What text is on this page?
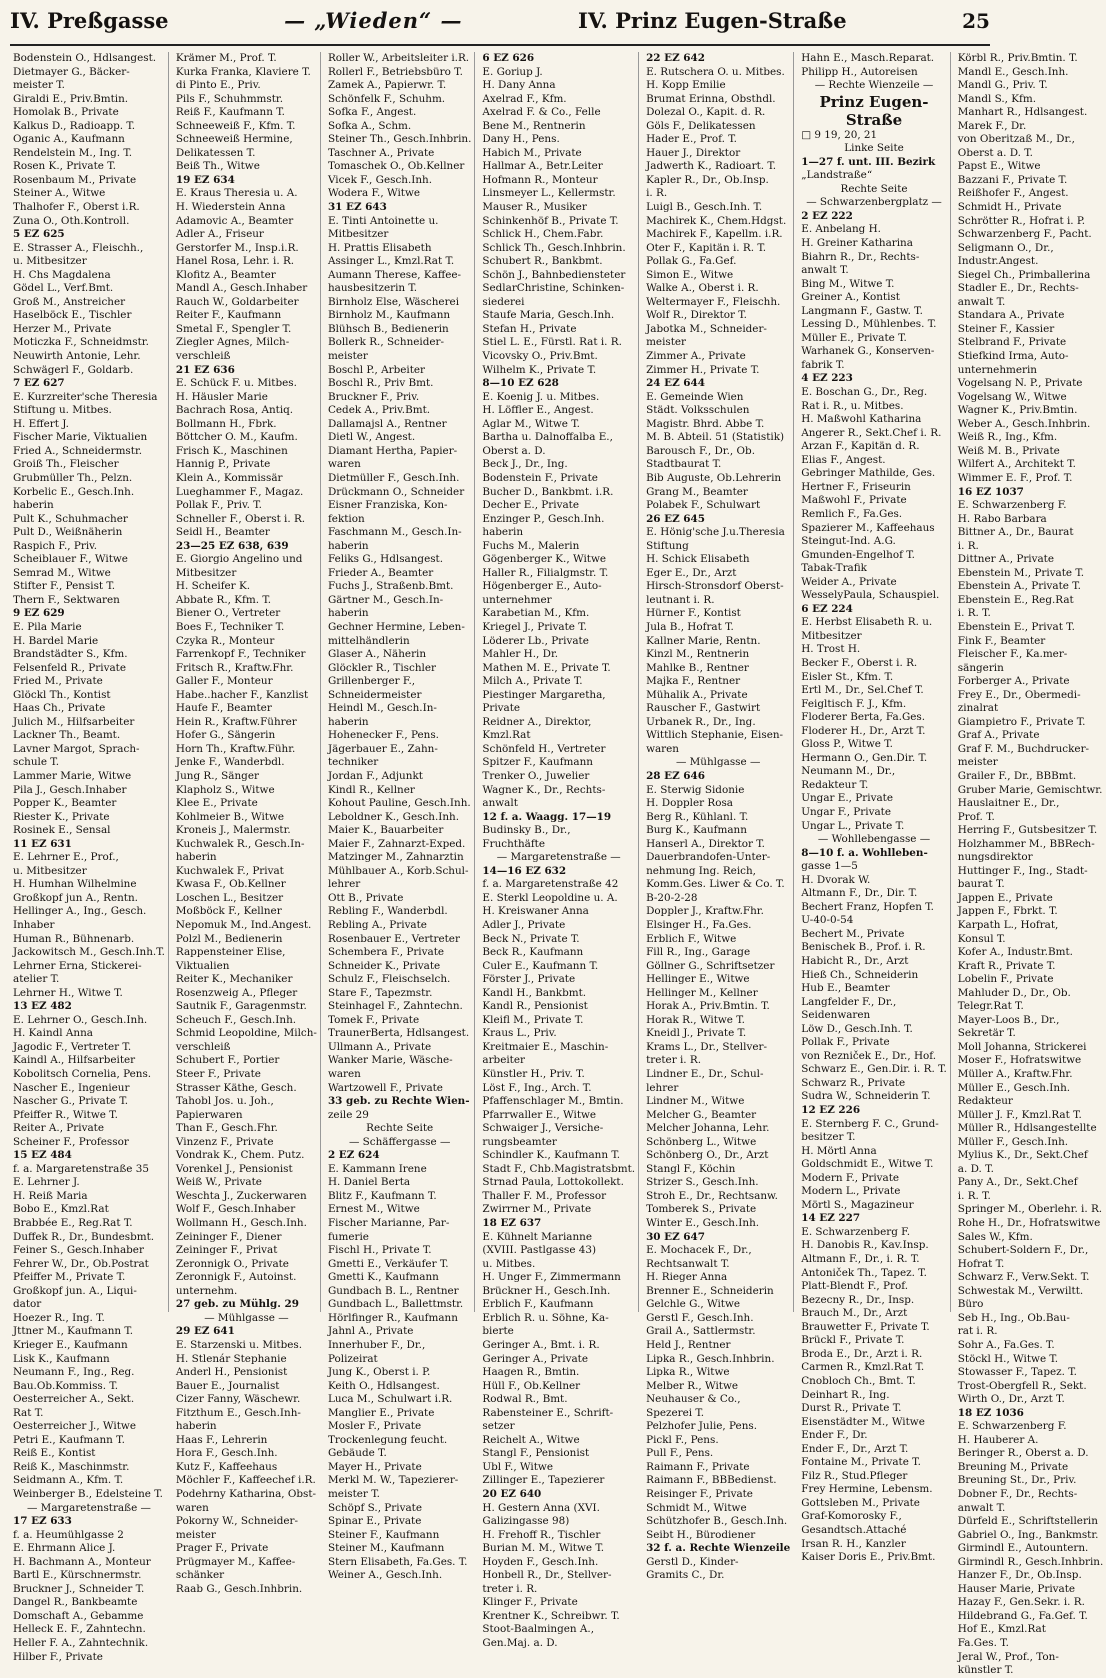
IV. Preßgasse	— „Wieden“ —	IV. Prinz Eugen-Straße	25
Bodenstein O., Hdlsangest.
Dietmayer G., Bäcker-
meister T.
Giraldi E., Priv.Bmtin.
Homolak B., Private
Kalkus D., Radioapp. T.
Oganic A., Kaufmann
Rendelstein M., Ing. T.
Rosen K., Private T.
Rosenbaum M., Private
Steiner A., Witwe
Thalhofer F., Oberst i.R.
Zuna O., Oth.Kontroll.
5 EZ 625
E. Strasser A., Fleischh.,
u. Mitbesitzer
H. Chs Magdalena
Gödel L., Verf.Bmt.
Groß M., Anstreicher
Haselböck E., Tischler
Herzer M., Private
Moticzka F., Schneidmstr.
Neuwirth Antonie, Lehr.
Schwägerl F., Goldarb.
7 EZ 627
E. Kurzreiter'sche Theresia
Stiftung u. Mitbes.
H. Effert J.
Fischer Marie, Viktualien
Fried A., Schneidermstr.
Groiß Th., Fleischer
Grubmüller Th., Pelzn.
Korbelic E., Gesch.Inh.
haberin
Pult K., Schuhmacher
Pult D., Weißnäherin
Raspich F., Priv.
Scheiblauer F., Witwe
Semrad M., Witwe
Stifter F., Pensist T.
Thern F., Sektwaren
9 EZ 629
E. Pila Marie
H. Bardel Marie
Brandstädter S., Kfm.
Felsenfeld R., Private
Fried M., Private
Glöckl Th., Kontist
Haas Ch., Private
Julich M., Hilfsarbeiter
Lackner Th., Beamt.
Lavner Margot, Sprach-
schule T.
Lammer Marie, Witwe
Pila J., Gesch.Inhaber
Popper K., Beamter
Riester K., Private
Rosinek E., Sensal
11 EZ 631
E. Lehrner E., Prof.,
u. Mitbesitzer
H. Humhan Wilhelmine
Großkopf jun A., Rentn.
Hellinger A., Ing., Gesch.
Inhaber
Human R., Bühnenarb.
Jackowitsch M., Gesch.Inh.T.
Lehrner Erna, Stickerei-
atelier T.
Lehrner H., Witwe T.
13 EZ 482
E. Lehrner O., Gesch.Inh.
H. Kaindl Anna
Jagodic F., Vertreter T.
Kaindl A., Hilfsarbeiter
Kobolitsch Cornelia, Pens.
Nascher E., Ingenieur
Nascher G., Private T.
Pfeiffer R., Witwe T.
Reiter A., Private
Scheiner F., Professor
15 EZ 484
f. a. Margaretenstraße 35
E. Lehrner J.
H. Reiß Maria
Bobo E., Kmzl.Rat
Brabbée E., Reg.Rat T.
Duffek R., Dr., Bundesbmt.
Feiner S., Gesch.Inhaber
Fehrer W., Dr., Ob.Postrat
Pfeiffer M., Private T.
Großkopf jun. A., Liqui-
dator
Hoezer R., Ing. T.
Jttner M., Kaufmann T.
Krieger E., Kaufmann
Lisk K., Kaufmann
Neumann F., Ing., Reg.
Bau.Ob.Kommiss. T.
Oesterreicher A., Sekt.
Rat T.
Oesterreicher J., Witwe
Petri E., Kaufmann T.
Reiß E., Kontist
Reiß K., Maschinmstr.
Seidmann A., Kfm. T.
Weinberger B., Edelsteine T.
— Margaretenstraße —
17 EZ 633
f. a. Heumühlgasse 2
E. Ehrmann Alice J.
H. Bachmann A., Monteur
Bartl E., Kürschnermstr.
Bruckner J., Schneider T.
Dangel R., Bankbeamte
Domschaft A., Gebamme
Helleck E. F., Zahntechn.
Heller F. A., Zahntechnik.
Hilber F., Private
Krämer M., Prof. T.
Kurka Franka, Klaviere T.
di Pinto E., Priv.
Pils F., Schuhmmstr.
Reiß F., Kaufmann T.
Schneeweiß F., Kfm. T.
Schneeweiß Hermine,
Delikatessen T.
Beiß Th., Witwe
19 EZ 634
E. Kraus Theresia u. A.
H. Wiederstein Anna
Adamovic A., Beamter
Adler A., Friseur
Gerstorfer M., Insp.i.R.
Hanel Rosa, Lehr. i. R.
Klofitz A., Beamter
Mandl A., Gesch.Inhaber
Rauch W., Goldarbeiter
Reiter F., Kaufmann
Smetal F., Spengler T.
Ziegler Agnes, Milch-
verschleiß
21 EZ 636
E. Schück F. u. Mitbes.
H. Häusler Marie
Bachrach Rosa, Antiq.
Bollmann H., Fbrk.
Böttcher O. M., Kaufm.
Frisch K., Maschinen
Hannig P., Private
Klein A., Kommissär
Lueghammer F., Magaz.
Pollak F., Priv. T.
Schneller F., Oberst i. R.
Seidl H., Beamter
23—25 EZ 638, 639
E. Giorgio Angelino und
Mitbesitzer
H. Scheifer K.
Abbate R., Kfm. T.
Biener O., Vertreter
Boes F., Techniker T.
Czyka R., Monteur
Farrenkopf F., Techniker
Fritsch R., Kraftw.Fhr.
Galler F., Monteur
Habe..hacher F., Kanzlist
Haufe F., Beamter
Hein R., Kraftw.Führer
Hofer G., Sängerin
Horn Th., Kraftw.Führ.
Jenke F., Wanderbdl.
Jung R., Sänger
Klapholz S., Witwe
Klee E., Private
Kohlmeier B., Witwe
Kroneis J., Malermstr.
Kuchwalek R., Gesch.In-
haberin
Kuchwalek F., Privat
Kwasa F., Ob.Kellner
Loschen L., Besitzer
Moßböck F., Kellner
Nepomuk M., Ind.Angest.
Polzl M., Bedienerin
Rappensteiner Elise,
Viktualien
Reiter K., Mechaniker
Rosenzweig A., Pfleger
Sautnik F., Garagenmstr.
Scheuch F., Gesch.Inh.
Schmid Leopoldine, Milch-
verschleiß
Schubert F., Portier
Steer F., Private
Strasser Käthe, Gesch.
Tahobl Jos. u. Joh.,
Papierwaren
Than F., Gesch.Fhr.
Vinzenz F., Private
Vondrak K., Chem. Putz.
Vorenkel J., Pensionist
Weiß W., Private
Weschta J., Zuckerwaren
Wolf F., Gesch.Inhaber
Wollmann H., Gesch.Inh.
Zeininger F., Diener
Zeininger F., Privat
Zeronnigk O., Private
Zeronnigk F., Autoinst.
unternehm.
27 geb. zu Mühlg. 29
— Mühlgasse —
29 EZ 641
E. Starzenski u. Mitbes.
H. Stlenár Stephanie
Anderl H., Pensionist
Bauer E., Journalist
Cizer Fanny, Wäschewr.
Fitzthum E., Gesch.Inh-
haberin
Haas F., Lehrerin
Hora F., Gesch.Inh.
Kutz F., Kaffeehaus
Möchler F., Kaffeechef i.R.
Podehrny Katharina, Obst-
waren
Pokorny W., Schneider-
meister
Prager F., Private
Prügmayer M., Kaffee-
schänker
Raab G., Gesch.Inhbrin.
Roller W., Arbeitsleiter i.R.
Rollerl F., Betriebsbüro T.
Zamek A., Papierwr. T.
Schönfelk F., Schuhm.
Sofka F., Angest.
Sofka A., Schm.
Steiner Th., Gesch.Inhbrin.
Taschner A., Private
Tomaschek O., Ob.Kellner
Vicek F., Gesch.Inh.
Wodera F., Witwe
31 EZ 643
E. Tinti Antoinette u.
Mitbesitzer
H. Prattis Elisabeth
Assinger L., Kmzl.Rat T.
Aumann Therese, Kaffee-
hausbesitzerin T.
Birnholz Else, Wäscherei
Birnholz M., Kaufmann
Blühsch B., Bedienerin
Bollerk R., Schneider-
meister
Boschl P., Arbeiter
Boschl R., Priv Bmt.
Bruckner F., Priv.
Cedek A., Priv.Bmt.
Dallamajsl A., Rentner
Dietl W., Angest.
Diamant Hertha, Papier-
waren
Dietmüller F., Gesch.Inh.
Drückmann O., Schneider
Eisner Franziska, Kon-
fektion
Faschmann M., Gesch.In-
haberin
Feliks G., Hdlsangest.
Frieder A., Beamter
Fuchs J., Straßenb.Bmt.
Gärtner M., Gesch.In-
haberin
Gechner Hermine, Leben-
mittelhändlerin
Glaser A., Näherin
Glöckler R., Tischler
Grillenberger F.,
Schneidermeister
Heindl M., Gesch.In-
haberin
Hohenecker F., Pens.
Jägerbauer E., Zahn-
techniker
Jordan F., Adjunkt
Kindl R., Kellner
Kohout Pauline, Gesch.Inh.
Leboldner K., Gesch.Inh.
Maier K., Bauarbeiter
Maier F., Zahnarzt-Exped.
Matzinger M., Zahnarztin
Mühlbauer A., Korb.Schul-
lehrer
Ott B., Private
Rebling F., Wanderbdl.
Rebling A., Private
Rosenbauer E., Vertreter
Schembera F., Private
Schneider K., Private
Schulz F., Fleischselch.
Stare F., Tapezmstr.
Steinhagel F., Zahntechn.
Tomek F., Private
TraunerBerta, Hdlsangest.
Ullmann A., Private
Wanker Marie, Wäsche-
waren
Wartzowell F., Private
33 geb. zu Rechte Wien-
zeile 29
Rechte Seite
— Schäffergasse —
2 EZ 624
E. Kammann Irene
H. Daniel Berta
Blitz F., Kaufmann T.
Ernest M., Witwe
Fischer Marianne, Par-
fumerie
Fischl H., Private T.
Gmetti E., Verkäufer T.
Gmetti K., Kaufmann
Gundbach B. L., Rentner
Gundbach L., Ballettmstr.
Hörlfinger R., Kaufmann
Jahnl A., Private
Innerhuber F., Dr.,
Polizeirat
Jung K., Oberst i. P.
Keith O., Hdlsangest.
Luca M., Schulwart i.R.
Manglier E., Private
Mosler F., Private
Trockenlegung feucht.
Gebäude T.
Mayer H., Private
Merkl M. W., Tapezierer-
meister T.
Schöpf S., Private
Spinar E., Private
Steiner F., Kaufmann
Steiner M., Kaufmann
Stern Elisabeth, Fa.Ges. T.
Weiner A., Gesch.Inh.
6 EZ 626
E. Goriup J.
H. Dany Anna
Axelrad F., Kfm.
Axelrad F. & Co., Felle
Bene M., Rentnerin
Dany H., Pens.
Habich M., Private
Hallmar A., Betr.Leiter
Hofmann R., Monteur
Linsmeyer L., Kellermstr.
Mauser R., Musiker
Schinkenhöf B., Private T.
Schlick H., Chem.Fabr.
Schlick Th., Gesch.Inhbrin.
Schubert R., Bankbmt.
Schön J., Bahnbediensteter
SedlarChristine, Schinken-
siederei
Staufe Maria, Gesch.Inh.
Stefan H., Private
Stiel L. E., Fürstl. Rat i. R.
Vicovsky O., Priv.Bmt.
Wilhelm K., Private T.
8—10 EZ 628
E. Koenig J. u. Mitbes.
H. Löffler E., Angest.
Aglar M., Witwe T.
Bartha u. Dalnoffalba E.,
Oberst a. D.
Beck J., Dr., Ing.
Bodenstein F., Private
Bucher D., Bankbmt. i.R.
Decher E., Private
Enzinger P., Gesch.Inh.
haberin
Fuchs M., Malerin
Gögenberger K., Witwe
Haller R., Filialgmstr. T.
Högenberger E., Auto-
unternehmer
Karabetian M., Kfm.
Kriegel J., Private T.
Löderer Lb., Private
Mahler H., Dr.
Mathen M. E., Private T.
Milch A., Private T.
Piestinger Margaretha,
Private
Reidner A., Direktor,
Kmzl.Rat
Schönfeld H., Vertreter
Spitzer F., Kaufmann
Trenker O., Juwelier
Wagner K., Dr., Rechts-
anwalt
12 f. a. Waagg. 17—19
Budinsky B., Dr.,
Fruchthäfte
— Margaretenstraße —
14—16 EZ 632
f. a. Margaretenstraße 42
E. Sterkl Leopoldine u. A.
H. Kreiswaner Anna
Adler J., Private
Beck N., Private T.
Beck R., Kaufmann
Culer E., Kaufmann T.
Förster J., Private
Kandl H., Bankbmt.
Kandl R., Pensionist
Kleifl M., Private T.
Kraus L., Priv.
Kreitmaier E., Maschin-
arbeiter
Künstler H., Priv. T.
Löst F., Ing., Arch. T.
Pfaffenschlager M., Bmtin.
Pfarrwaller E., Witwe
Schwaiger J., Versiche-
rungsbeamter
Schindler K., Kaufmann T.
Stadt F., Chb.Magistratsbmt.
Strnad Paula, Lottokollekt.
Thaller F. M., Professor
Zwirrner M., Private
18 EZ 637
E. Kühnelt Marianne
(XVIII. Pastlgasse 43)
u. Mitbes.
H. Unger F., Zimmermann
Brückner H., Gesch.Inh.
Erblich F., Kaufmann
Erblich R. u. Söhne, Ka-
bierte
Geringer A., Bmt. i. R.
Geringer A., Private
Haagen R., Bmtin.
Hüll F., Ob.Kellner
Rodwal R., Bmt.
Rabensteiner E., Schrift-
setzer
Reichelt A., Witwe
Stangl F., Pensionist
Ubl F., Witwe
Zillinger E., Tapezierer
20 EZ 640
H. Gestern Anna (XVI.
Galizingasse 98)
H. Frehoff R., Tischler
Burian M. M., Witwe T.
Hoyden F., Gesch.Inh.
Honbell R., Dr., Stellver-
treter i. R.
Klinger F., Private
Krentner K., Schreibwr. T.
Stoot-Baalmingen A.,
Gen.Maj. a. D.
22 EZ 642
E. Rutschera O. u. Mitbes.
H. Kopp Emilie
Brumat Erinna, Obsthdl.
Dolezal O., Kapit. d. R.
Göls F., Delikatessen
Hader E., Prof. T.
Hauer J., Direktor
Jadwerth K., Radioart. T.
Kapler R., Dr., Ob.Insp.
i. R.
Luigl B., Gesch.Inh. T.
Machirek K., Chem.Hdgst.
Machirek F., Kapellm. i.R.
Oter F., Kapitän i. R. T.
Pollak G., Fa.Gef.
Simon E., Witwe
Walke A., Oberst i. R.
Weltermayer F., Fleischh.
Wolf R., Direktor T.
Jabotka M., Schneider-
meister
Zimmer A., Private
Zimmer H., Private T.
24 EZ 644
E. Gemeinde Wien
Städt. Volksschulen
Magistr. Bhrd. Abbe T.
M. B. Abteil. 51 (Statistik)
Barousch F., Dr., Ob.
Stadtbaurat T.
Bib Auguste, Ob.Lehrerin
Grang M., Beamter
Polabek F., Schulwart
26 EZ 645
E. Hönig'sche J.u.Theresia
Stiftung
H. Schick Elisabeth
Eger E., Dr., Arzt
Hirsch-Stronsdorf Oberst-
leutnant i. R.
Hürner F., Kontist
Jula B., Hofrat T.
Kallner Marie, Rentn.
Kinzl M., Rentnerin
Mahlke B., Rentner
Majka F., Rentner
Mühalik A., Private
Rauscher F., Gastwirt
Urbanek R., Dr., Ing.
Wittlich Stephanie, Eisen-
waren
— Mühlgasse —
28 EZ 646
E. Sterwig Sidonie
H. Doppler Rosa
Berg R., Kühlanl. T.
Burg K., Kaufmann
Hanserl A., Direktor T.
Dauerbrandofen-Unter-
nehmung Ing. Reich,
Komm.Ges. Liwer & Co. T.
B-20-2-28
Doppler J., Kraftw.Fhr.
Elsinger H., Fa.Ges.
Erblich F., Witwe
Fill R., Ing., Garage
Göllner G., Schriftsetzer
Hellinger E., Witwe
Hellinger M., Kellner
Horak A., Priv.Bmtin. T.
Horak R., Witwe T.
Kneidl J., Private T.
Krams L., Dr., Stellver-
treter i. R.
Lindner E., Dr., Schul-
lehrer
Lindner M., Witwe
Melcher G., Beamter
Melcher Johanna, Lehr.
Schönberg L., Witwe
Schönberg O., Dr., Arzt
Stangl F., Köchin
Strizer S., Gesch.Inh.
Stroh E., Dr., Rechtsanw.
Tomberek S., Private
Winter E., Gesch.Inh.
30 EZ 647
E. Mochacek F., Dr.,
Rechtsanwalt T.
H. Rieger Anna
Brenner E., Schneiderin
Gelchle G., Witwe
Gerstl F., Gesch.Inh.
Grail A., Sattlermstr.
Held J., Rentner
Lipka R., Gesch.Inhbrin.
Lipka R., Witwe
Melber R., Witwe
Neuhauser & Co.,
Spezerei T.
Pelzhofer Julie, Pens.
Pickl F., Pens.
Pull F., Pens.
Raimann F., Private
Raimann F., BBBedienst.
Reisinger F., Private
Schmidt M., Witwe
Schützhofer B., Gesch.Inh.
Seibt H., Bürodiener
32 f. a. Rechte Wienzeile
Gerstl D., Kinder-
Gramits C., Dr.
Hahn E., Masch.Reparat.
Philipp H., Autoreisen
— Rechte Wienzeile —
Prinz Eugen-
Straße
□ 9 19, 20, 21
Linke Seite
1—27 f. unt. III. Bezirk
„Landstraße“
Rechte Seite
— Schwarzenbergplatz —
2 EZ 222
E. Anbelang H.
H. Greiner Katharina
Biahrn R., Dr., Rechts-
anwalt T.
Bing M., Witwe T.
Greiner A., Kontist
Langmann F., Gastw. T.
Lessing D., Mühlenbes. T.
Müller E., Private T.
Warhanek G., Konserven-
fabrik T.
4 EZ 223
E. Boschan G., Dr., Reg.
Rat i. R., u. Mitbes.
H. Maßwohl Katharina
Angerer R., Sekt.Chef i. R.
Arzan F., Kapitän d. R.
Elias F., Angest.
Gebringer Mathilde, Ges.
Hertner F., Friseurin
Maßwohl F., Private
Remlich F., Fa.Ges.
Spazierer M., Kaffeehaus
Steingut-Ind. A.G.
Gmunden-Engelhof T.
Tabak-Trafik
Weider A., Private
WesselyPaula, Schauspiel.
6 EZ 224
E. Herbst Elisabeth R. u.
Mitbesitzer
H. Trost H.
Becker F., Oberst i. R.
Eisler St., Kfm. T.
Ertl M., Dr., Sel.Chef T.
Feigltisch F. J., Kfm.
Floderer Berta, Fa.Ges.
Floderer H., Dr., Arzt T.
Gloss P., Witwe T.
Hermann O., Gen.Dir. T.
Neumann M., Dr.,
Redakteur T.
Ungar E., Private
Ungar F., Private
Ungar L., Private T.
— Wohllebengasse —
8—10 f. a. Wohlleben-
gasse 1—5
H. Dvorak W.
Altmann F., Dr., Dir. T.
Bechert Franz, Hopfen T.
U-40-0-54
Bechert M., Private
Benischek B., Prof. i. R.
Habicht R., Dr., Arzt
Hieß Ch., Schneiderin
Hub E., Beamter
Langfelder F., Dr.,
Seidenwaren
Löw D., Gesch.Inh. T.
Pollak F., Private
von Rezniček E., Dr., Hof.
Schwarz E., Gen.Dir. i. R. T.
Schwarz R., Private
Sudra W., Schneiderin T.
12 EZ 226
E. Sternberg F. C., Grund-
besitzer T.
H. Mörtl Anna
Goldschmidt E., Witwe T.
Modern F., Private
Modern L., Private
Mörtl S., Magazineur
14 EZ 227
E. Schwarzenberg F.
H. Danobis R., Kav.Insp.
Altmann F., Dr., i. R. T.
Antoniček Th., Tapez. T.
Platt-Blendt F., Prof.
Bezecny R., Dr., Insp.
Brauch M., Dr., Arzt
Brauwetter F., Private T.
Brückl F., Private T.
Broda E., Dr., Arzt i. R.
Carmen R., Kmzl.Rat T.
Cnobloch Ch., Bmt. T.
Deinhart R., Ing.
Durst R., Private T.
Eisenstädter M., Witwe
Ender F., Dr.
Ender F., Dr., Arzt T.
Fontaine M., Private T.
Filz R., Stud.Pfleger
Frey Hermine, Lebensm.
Gottsleben M., Private
Graf-Komorosky F.,
Gesandtsch.Attaché
Irsan R. H., Kanzler
Kaiser Doris E., Priv.Bmt.
Körbl R., Priv.Bmtin. T.
Mandl E., Gesch.Inh.
Mandl G., Priv. T.
Mandl S., Kfm.
Manhart R., Hdlsangest.
Marek F., Dr.
von Oberitzaß M., Dr.,
Oberst a. D. T.
Papst E., Witwe
Bazzani F., Private T.
Reißhofer F., Angest.
Schmidt H., Private
Schrötter R., Hofrat i. P.
Schwarzenberg F., Pacht.
Seligmann O., Dr.,
Industr.Angest.
Siegel Ch., Primballerina
Stadler E., Dr., Rechts-
anwalt T.
Standara A., Private
Steiner F., Kassier
Stelbrand F., Private
Stiefkind Irma, Auto-
unternehmerin
Vogelsang N. P., Private
Vogelsang W., Witwe
Wagner K., Priv.Bmtin.
Weber A., Gesch.Inhbrin.
Weiß R., Ing., Kfm.
Weiß M. B., Private
Wilfert A., Architekt T.
Wimmer E. F., Prof. T.
16 EZ 1037
E. Schwarzenberg F.
H. Rabo Barbara
Bittner A., Dr., Baurat
i. R.
Dittner A., Private
Ebenstein M., Private T.
Ebenstein A., Private T.
Ebenstein E., Reg.Rat
i. R. T.
Ebenstein E., Privat T.
Fink F., Beamter
Fleischer F., Ka.mer-
sängerin
Forberger A., Private
Frey E., Dr., Obermedi-
zinalrat
Giampietro F., Private T.
Graf A., Private
Graf F. M., Buchdrucker-
meister
Grailer F., Dr., BBBmt.
Gruber Marie, Gemischtwr.
Hauslaitner E., Dr.,
Prof. T.
Herring F., Gutsbesitzer T.
Holzhammer M., BBRech-
nungsdirektor
Huttinger F., Ing., Stadt-
baurat T.
Jappen E., Private
Jappen F., Fbrkt. T.
Karpath L., Hofrat,
Konsul T.
Kofer A., Industr.Bmt.
Kraft R., Private T.
Lobelin F., Private
Mahluder D., Dr., Ob.
Telegr.Rat T.
Mayer-Loos B., Dr.,
Sekretär T.
Moll Johanna, Strickerei
Moser F., Hofratswitwe
Müller A., Kraftw.Fhr.
Müller E., Gesch.Inh.
Redakteur
Müller J. F., Kmzl.Rat T.
Müller R., Hdlsangestellte
Müller F., Gesch.Inh.
Mylius K., Dr., Sekt.Chef
a. D. T.
Pany A., Dr., Sekt.Chef
i. R. T.
Springer M., Oberlehr. i. R.
Rohe H., Dr., Hofratswitwe
Sales W., Kfm.
Schubert-Soldern F., Dr.,
Hofrat T.
Schwarz F., Verw.Sekt. T.
Schwestak M., Verwiltt.
Büro
Seb H., Ing., Ob.Bau-
rat i. R.
Sohr A., Fa.Ges. T.
Stöckl H., Witwe T.
Stowasser F., Tapez. T.
Trost-Obergfell R., Sekt.
Wirth O., Dr., Arzt T.
18 EZ 1036
E. Schwarzenberg F.
H. Hauberer A.
Beringer R., Oberst a. D.
Breuning M., Private
Breuning St., Dr., Priv.
Dobner F., Dr., Rechts-
anwalt T.
Dürfeld E., Schriftstellerin
Gabriel O., Ing., Bankmstr.
Girmindl E., Autountern.
Girmindl R., Gesch.Inhbrin.
Hanzer F., Dr., Ob.Insp.
Hauser Marie, Private
Hazay F., Gen.Sekr. i. R.
Hildebrand G., Fa.Gef. T.
Hof E., Kmzl.Rat
Fa.Ges. T.
Jeral W., Prof., Ton-
künstler T.
